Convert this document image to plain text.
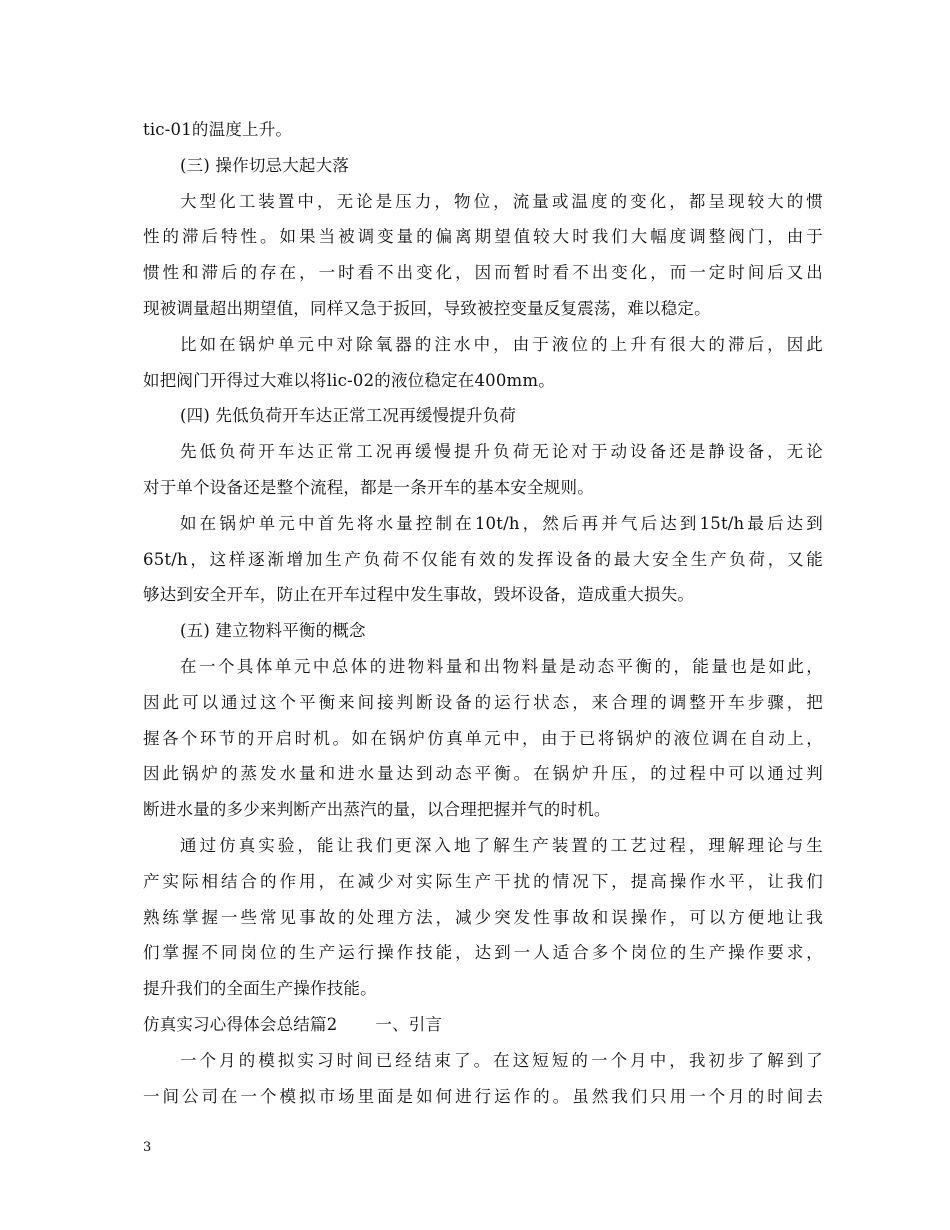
tic-01的温度上升。
(三) 操作切忌大起大落
大型化工装置中，无论是压力，物位，流量或温度的变化，都呈现较大的惯
性的滞后特性。如果当被调变量的偏离期望值较大时我们大幅度调整阀门，由于
惯性和滞后的存在，一时看不出变化，因而暂时看不出变化，而一定时间后又出
现被调量超出期望值，同样又急于扳回，导致被控变量反复震荡，难以稳定。
比如在锅炉单元中对除氧器的注水中，由于液位的上升有很大的滞后，因此
如把阀门开得过大难以将lic-02的液位稳定在400mm。
(四) 先低负荷开车达正常工况再缓慢提升负荷
先低负荷开车达正常工况再缓慢提升负荷无论对于动设备还是静设备，无论
对于单个设备还是整个流程，都是一条开车的基本安全规则。
如在锅炉单元中首先将水量控制在10t/h，然后再并气后达到15t/h最后达到
65t/h，这样逐渐增加生产负荷不仅能有效的发挥设备的最大安全生产负荷，又能
够达到安全开车，防止在开车过程中发生事故，毁坏设备，造成重大损失。
(五) 建立物料平衡的概念
在一个具体单元中总体的进物料量和出物料量是动态平衡的，能量也是如此，
因此可以通过这个平衡来间接判断设备的运行状态，来合理的调整开车步骤，把
握各个环节的开启时机。如在锅炉仿真单元中，由于已将锅炉的液位调在自动上，
因此锅炉的蒸发水量和进水量达到动态平衡。在锅炉升压，的过程中可以通过判
断进水量的多少来判断产出蒸汽的量，以合理把握并气的时机。
通过仿真实验，能让我们更深入地了解生产装置的工艺过程，理解理论与生
产实际相结合的作用，在减少对实际生产干扰的情况下，提高操作水平，让我们
熟练掌握一些常见事故的处理方法，减少突发性事故和误操作，可以方便地让我
们掌握不同岗位的生产运行操作技能，达到一人适合多个岗位的生产操作要求，
提升我们的全面生产操作技能。
仿真实习心得体会总结篇2 一、引言
一个月的模拟实习时间已经结束了。在这短短的一个月中，我初步了解到了
一间公司在一个模拟市场里面是如何进行运作的。虽然我们只用一个月的时间去
3
